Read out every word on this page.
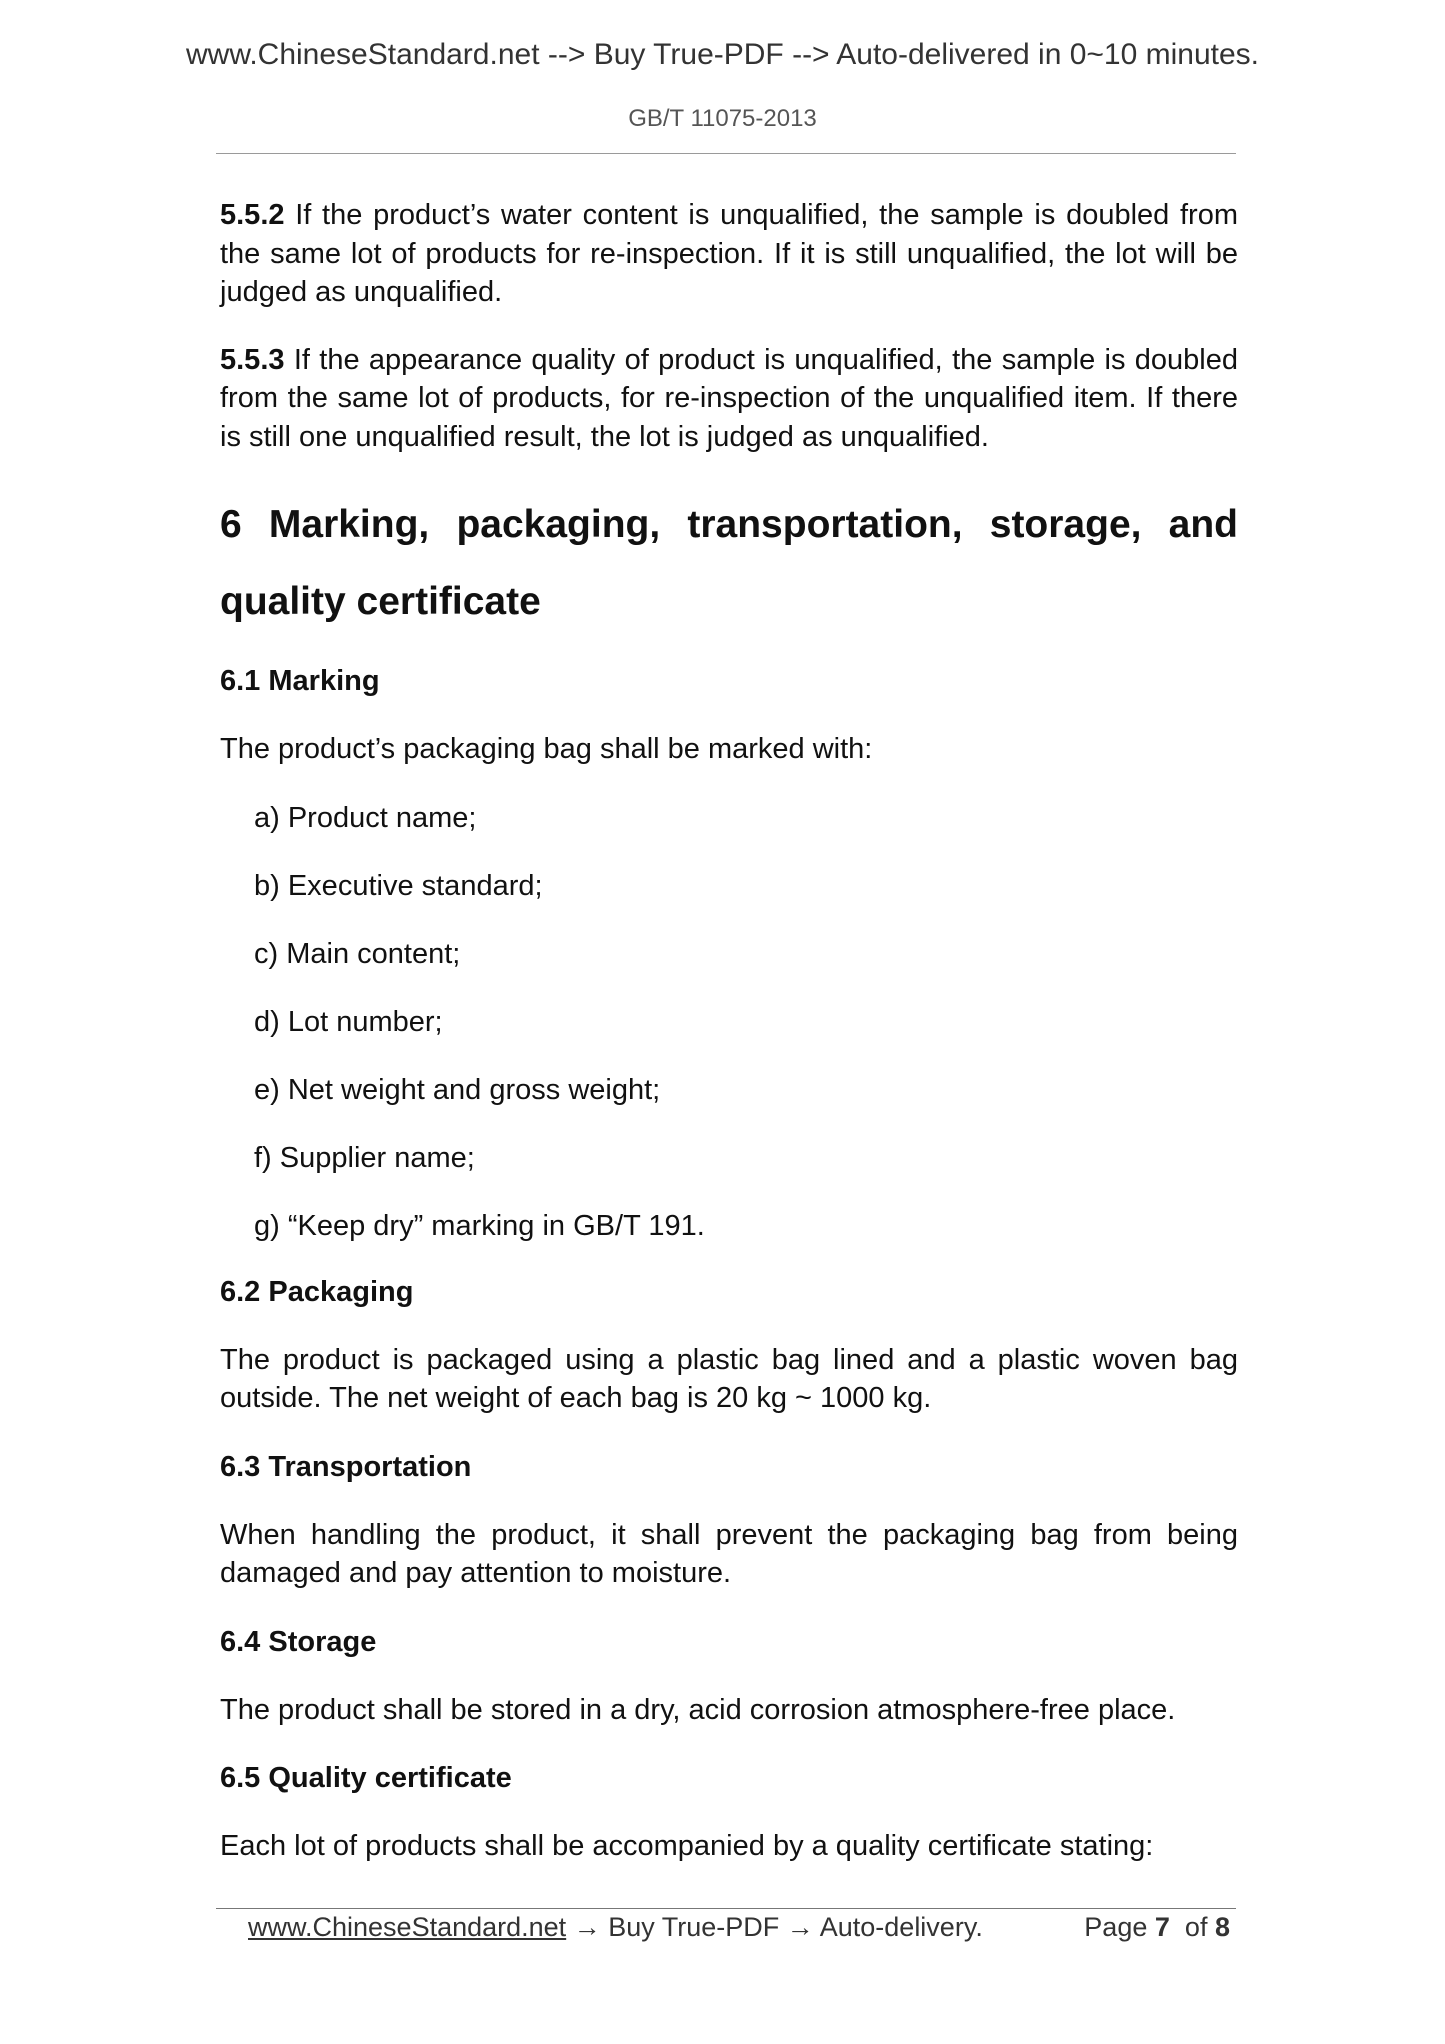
www.ChineseStandard.net --> Buy True-PDF --> Auto-delivered in 0~10 minutes.
GB/T 11075-2013

5.5.2 If the product’s water content is unqualified, the sample is doubled from the same lot of products for re-inspection. If it is still unqualified, the lot will be judged as unqualified.

5.5.3 If the appearance quality of product is unqualified, the sample is doubled from the same lot of products, for re-inspection of the unqualified item. If there is still one unqualified result, the lot is judged as unqualified.

6 Marking, packaging, transportation, storage, and
quality certificate
6.1 Marking

The product’s packaging bag shall be marked with:

a) Product name;
b) Executive standard;
c) Main content;
d) Lot number;
e) Net weight and gross weight;
f) Supplier name;
g) “Keep dry” marking in GB/T 191.
6.2 Packaging

The product is packaged using a plastic bag lined and a plastic woven bag outside. The net weight of each bag is 20 kg ~ 1000 kg.

6.3 Transportation

When handling the product, it shall prevent the packaging bag from being damaged and pay attention to moisture.

6.4 Storage

The product shall be stored in a dry, acid corrosion atmosphere-free place.

6.5 Quality certificate

Each lot of products shall be accompanied by a quality certificate stating:

www.ChineseStandard.net → Buy True-PDF → Auto-delivery.	Page 7 of 8
